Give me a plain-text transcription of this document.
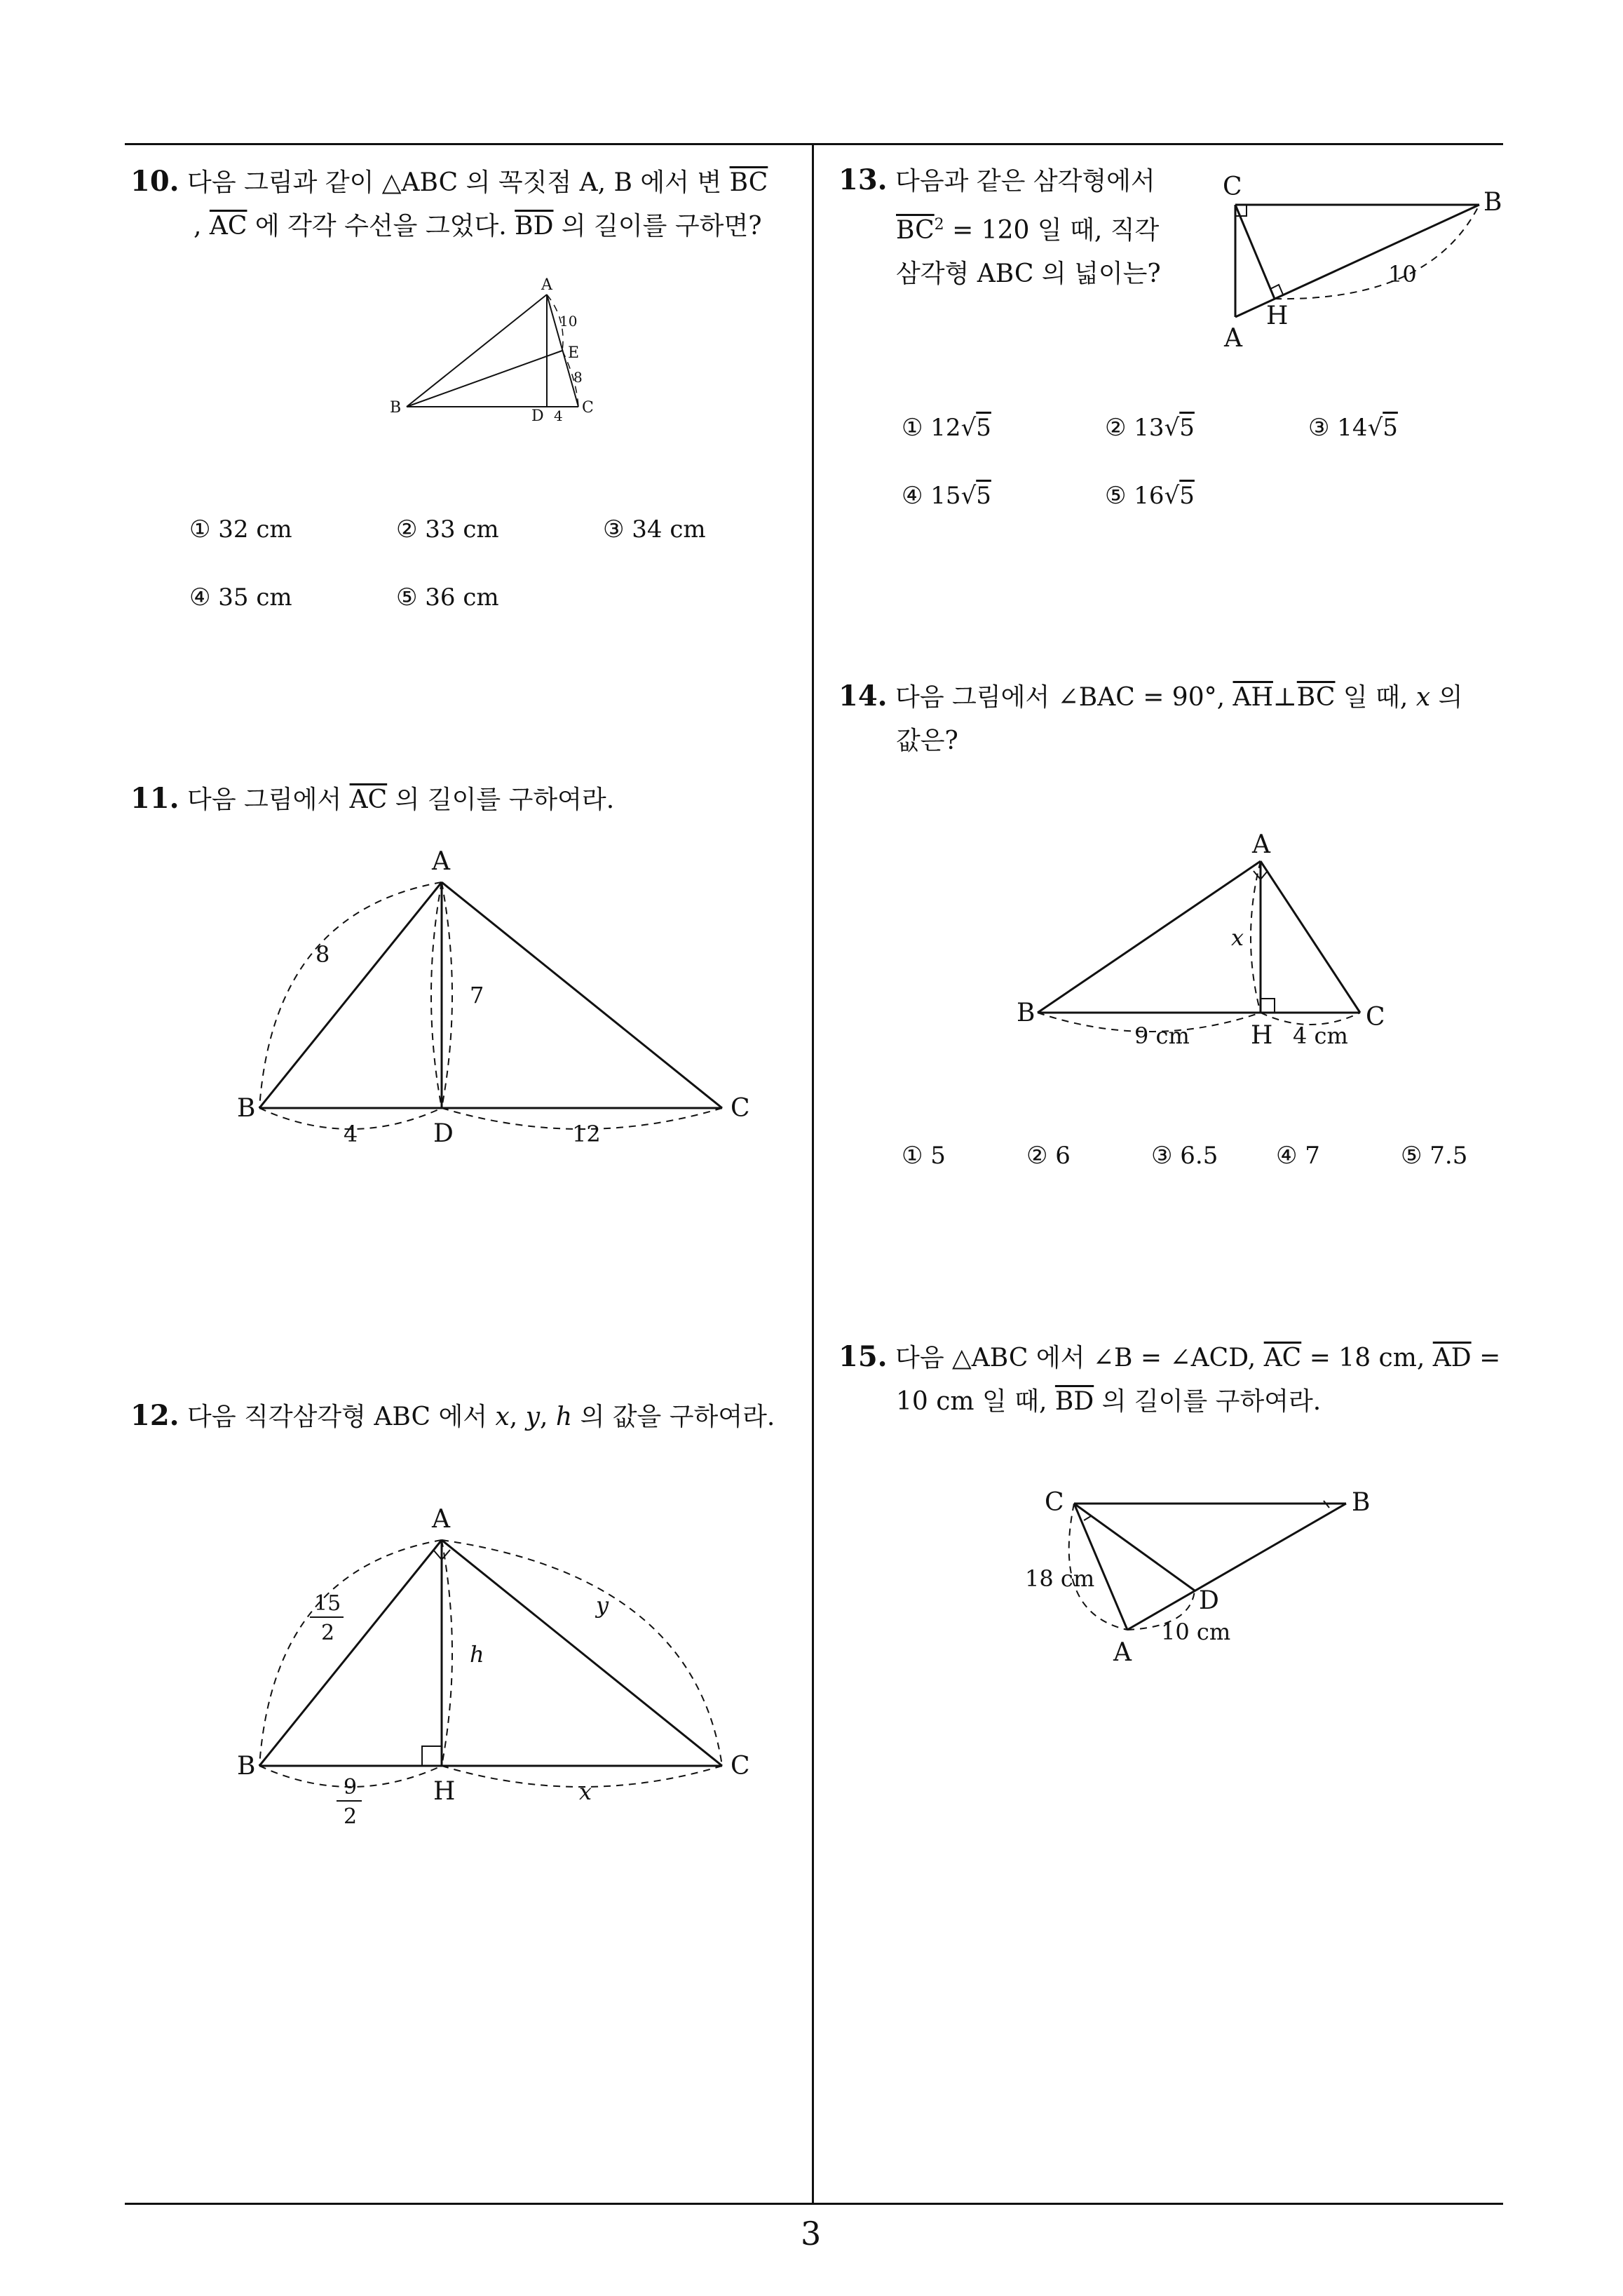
3
10. 다음 그림과 같이 △ABC 의 꼭짓점 A, B 에서 변 $\overline{BC}$
, $\overline{AC}$ 에 각각 수선을 그었다. $\overline{BD}$ 의 길이를 구하면?
A
B	C
D
E
10
8
4
① 32 cm	② 33 cm	③ 34 cm
④ 35 cm	⑤ 36 cm
11. 다음 그림에서 $\overline{AC}$ 의 길이를 구하여라.
A
B	C
D
8
7
4	12
12. 다음 직각삼각형 ABC 에서 x, y, h 의 값을 구하여라.
A
B	C
H
15
2
9
2
y
h
x
13. 다음과 같은 삼각형에서
$\overline{BC}^2 = 120$ 일 때, 직각
삼각형 ABC 의 넓이는?
C
B
A
H
10
① 12√5	② 13√5	③ 14√5
④ 15√5	⑤ 16√5
14. 다음 그림에서 ∠BAC = 90°, $\overline{AH}\perp\overline{BC}$ 일 때, x 의
값은?
A
B	C
H
x
9 cm	4 cm
① 5	② 6	③ 6.5 ④ 7	⑤ 7.5
15. 다음 △ABC 에서 ∠B = ∠ACD, $\overline{AC} = 18$ cm, $\overline{AD}$ =
10 cm 일 때, $\overline{BD}$ 의 길이를 구하여라.
C	B
A
D
18 cm
10 cm
